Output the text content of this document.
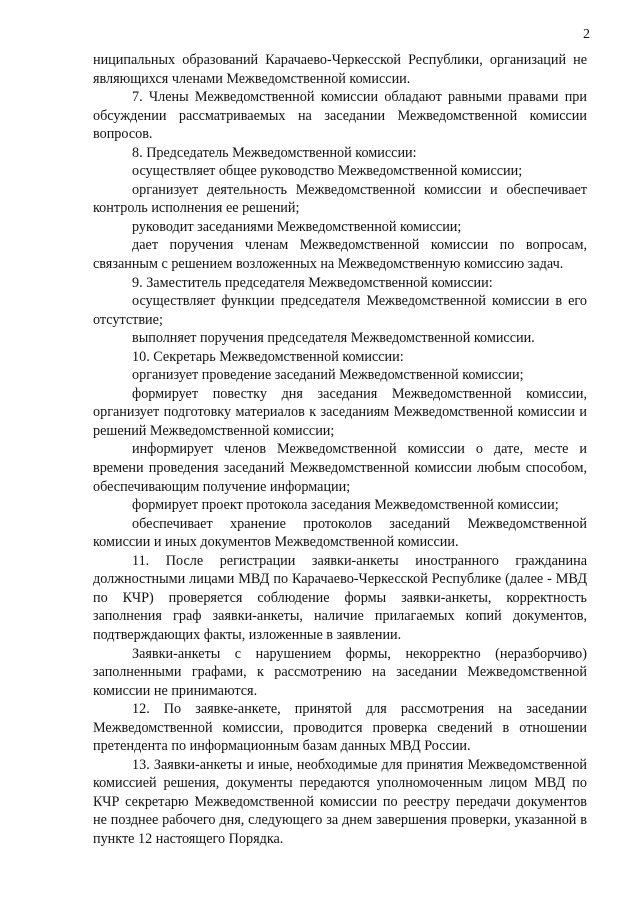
2

ниципальных образований Карачаево-Черкесской Республики, организаций не являющихся членами Межведомственной комиссии.

7. Члены Межведомственной комиссии обладают равными правами при обсуждении рассматриваемых на заседании Межведомственной комиссии вопросов.

8. Председатель Межведомственной комиссии:

осуществляет общее руководство Межведомственной комиссии;

организует деятельность Межведомственной комиссии и обеспечивает контроль исполнения ее решений;

руководит заседаниями Межведомственной комиссии;

дает поручения членам Межведомственной комиссии по вопросам, связанным с решением возложенных на Межведомственную комиссию задач.

9. Заместитель председателя Межведомственной комиссии:

осуществляет функции председателя Межведомственной комиссии в его отсутствие;

выполняет поручения председателя Межведомственной комиссии.

10. Секретарь Межведомственной комиссии:

организует проведение заседаний Межведомственной комиссии;

формирует повестку дня заседания Межведомственной комиссии, организует подготовку материалов к заседаниям Межведомственной комиссии и решений Межведомственной комиссии;

информирует членов Межведомственной комиссии о дате, месте и времени проведения заседаний Межведомственной комиссии любым способом, обеспечивающим получение информации;

формирует проект протокола заседания Межведомственной комиссии;

обеспечивает хранение протоколов заседаний Межведомственной комиссии и иных документов Межведомственной комиссии.

11. После регистрации заявки-анкеты иностранного гражданина должностными лицами МВД по Карачаево-Черкесской Республике (далее - МВД по КЧР) проверяется соблюдение формы заявки-анкеты, корректность заполнения граф заявки-анкеты, наличие прилагаемых копий документов, подтверждающих факты, изложенные в заявлении.

Заявки-анкеты с нарушением формы, некорректно (неразборчиво) заполненными графами, к рассмотрению на заседании Межведомственной комиссии не принимаются.

12. По заявке-анкете, принятой для рассмотрения на заседании Межведомственной комиссии, проводится проверка сведений в отношении претендента по информационным базам данных МВД России.

13. Заявки-анкеты и иные, необходимые для принятия Межведомственной комиссией решения, документы передаются уполномоченным лицом МВД по КЧР секретарю Межведомственной комиссии по реестру передачи документов не позднее рабочего дня, следующего за днем завершения проверки, указанной в пункте 12 настоящего Порядка.
